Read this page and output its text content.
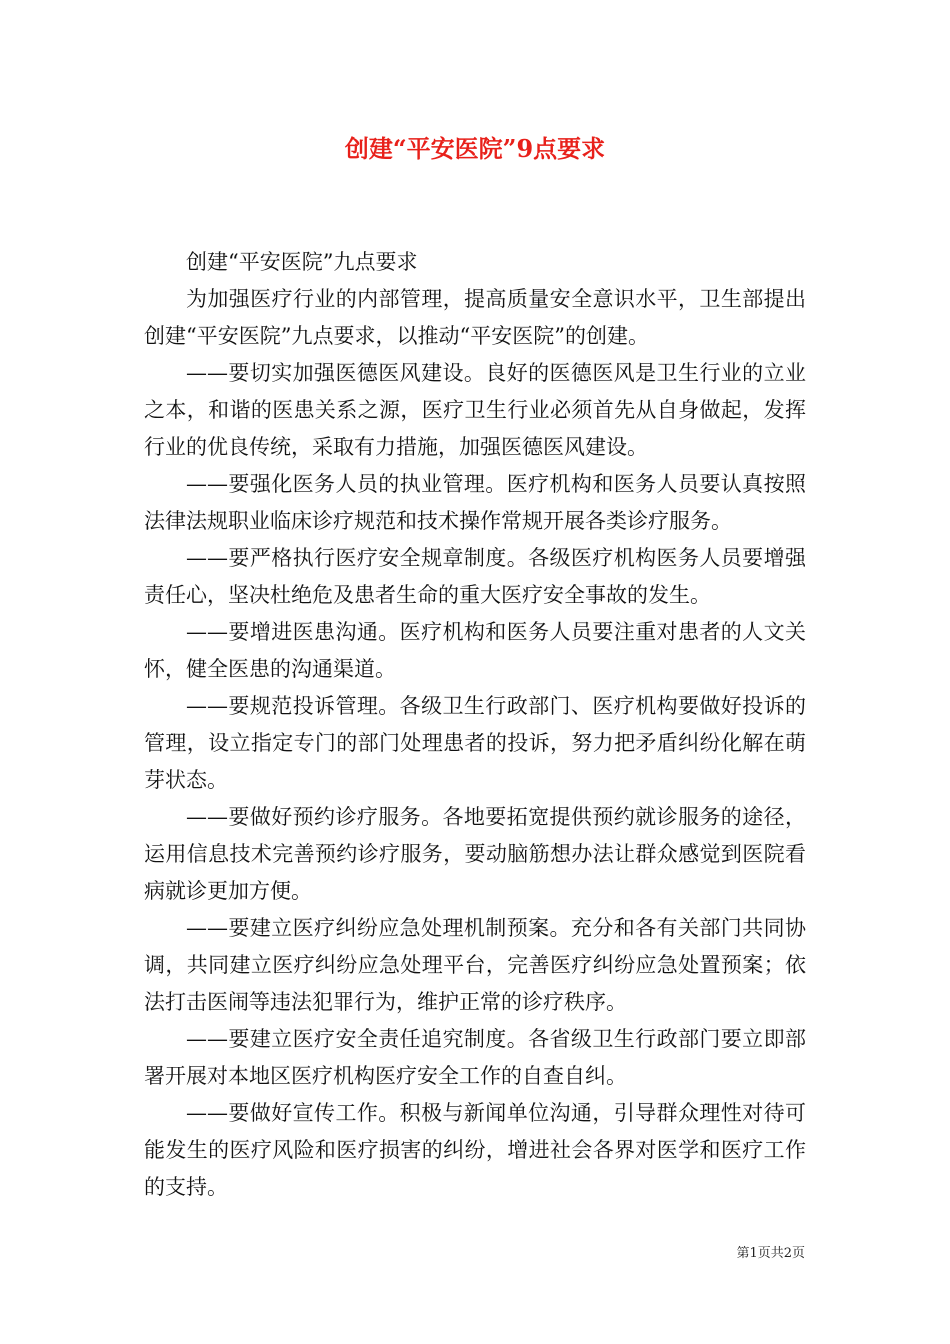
创建“平安医院”9点要求

创建“平安医院”九点要求

为加强医疗行业的内部管理，提高质量安全意识水平，卫生部提出创建“平安医院”九点要求，以推动“平安医院”的创建。

——要切实加强医德医风建设。良好的医德医风是卫生行业的立业之本，和谐的医患关系之源，医疗卫生行业必须首先从自身做起，发挥行业的优良传统，采取有力措施，加强医德医风建设。

——要强化医务人员的执业管理。医疗机构和医务人员要认真按照法律法规职业临床诊疗规范和技术操作常规开展各类诊疗服务。

——要严格执行医疗安全规章制度。各级医疗机构医务人员要增强责任心，坚决杜绝危及患者生命的重大医疗安全事故的发生。

——要增进医患沟通。医疗机构和医务人员要注重对患者的人文关怀，健全医患的沟通渠道。

——要规范投诉管理。各级卫生行政部门、医疗机构要做好投诉的管理，设立指定专门的部门处理患者的投诉，努力把矛盾纠纷化解在萌芽状态。

——要做好预约诊疗服务。各地要拓宽提供预约就诊服务的途径，运用信息技术完善预约诊疗服务，要动脑筋想办法让群众感觉到医院看病就诊更加方便。

——要建立医疗纠纷应急处理机制预案。充分和各有关部门共同协调，共同建立医疗纠纷应急处理平台，完善医疗纠纷应急处置预案；依法打击医闹等违法犯罪行为，维护正常的诊疗秩序。

——要建立医疗安全责任追究制度。各省级卫生行政部门要立即部署开展对本地区医疗机构医疗安全工作的自查自纠。

——要做好宣传工作。积极与新闻单位沟通，引导群众理性对待可能发生的医疗风险和医疗损害的纠纷，增进社会各界对医学和医疗工作的支持。

第1页共2页
